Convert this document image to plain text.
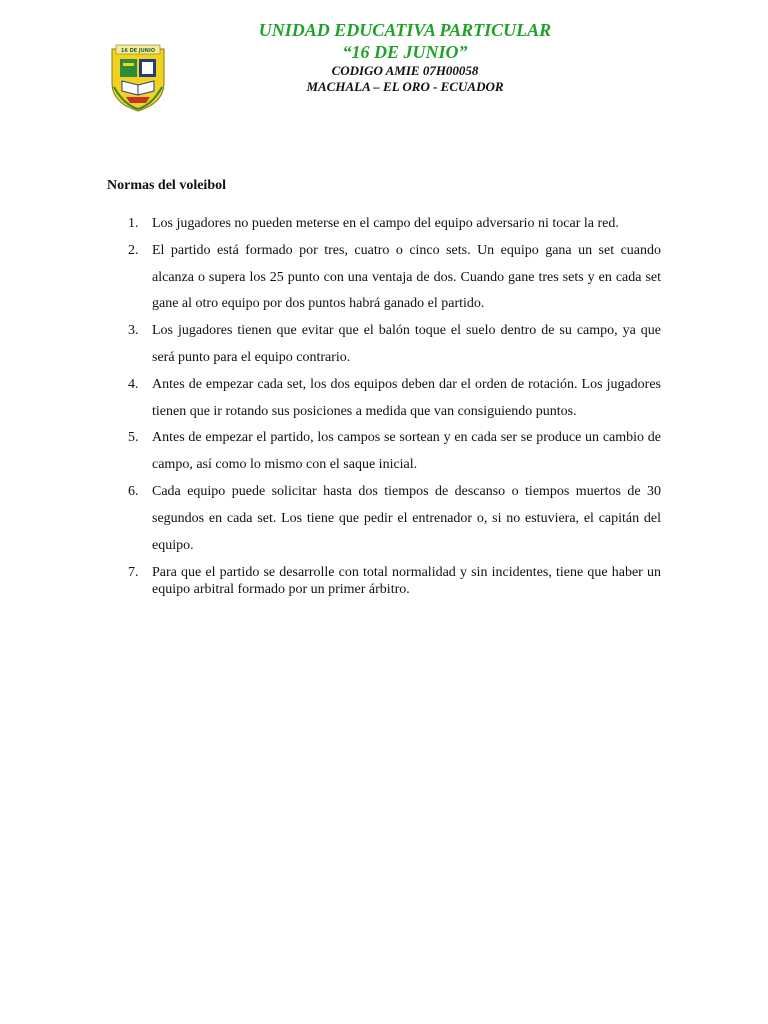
16 DE JUNIO
UNIDAD EDUCATIVA PARTICULAR
“16 DE JUNIO”
CODIGO AMIE 07H00058
MACHALA – EL ORO - ECUADOR
Normas del voleibol
1. Los jugadores no pueden meterse en el campo del equipo adversario ni tocar la red.
2. El partido está formado por tres, cuatro o cinco sets. Un equipo gana un set cuando alcanza o supera los 25 punto con una ventaja de dos. Cuando gane tres sets y en cada set gane al otro equipo por dos puntos habrá ganado el partido.
3. Los jugadores tienen que evitar que el balón toque el suelo dentro de su campo, ya que será punto para el equipo contrario.
4. Antes de empezar cada set, los dos equipos deben dar el orden de rotación. Los jugadores tienen que ir rotando sus posiciones a medida que van consiguiendo puntos.
5. Antes de empezar el partido, los campos se sortean y en cada ser se produce un cambio de campo, así como lo mismo con el saque inicial.
6. Cada equipo puede solicitar hasta dos tiempos de descanso o tiempos muertos de 30 segundos en cada set. Los tiene que pedir el entrenador o, si no estuviera, el capitán del equipo.
7. Para que el partido se desarrolle con total normalidad y sin incidentes, tiene que haber un equipo arbitral formado por un primer árbitro.
